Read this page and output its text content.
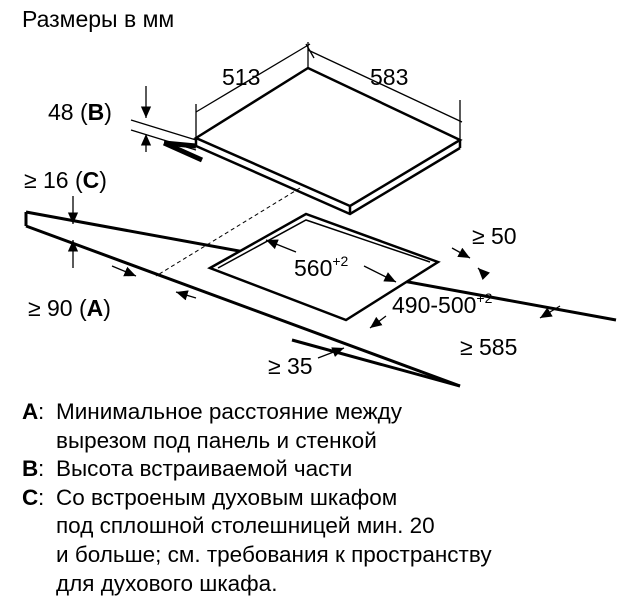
Размеры в мм
513	583
48 (B)
≥ 16 (C)
$560^{+2}$
$490-500^{+2}$
≥ 50
≥ 90 (A)
≥ 585
≥ 35
A : Минимальное расстояние между
вырезом под панель и стенкой
B : Высота встраиваемой части
C : Со встроеным духовым шкафом
под сплошной столешницей мин. 20
и больше; см. требования к пространству
для духового шкафа.
